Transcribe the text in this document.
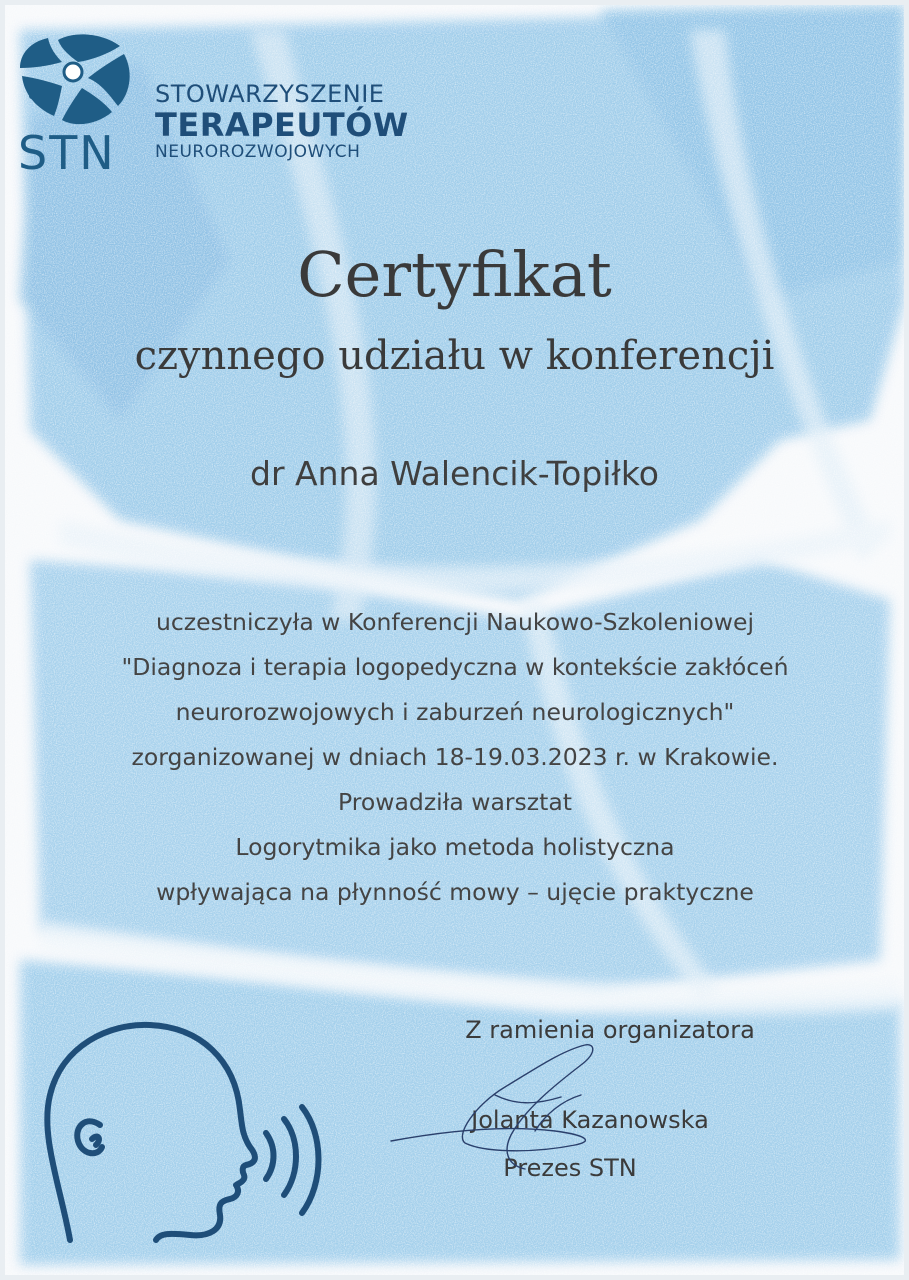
STN
STOWARZYSZENIE
TERAPEUTÓW
NEUROROZWOJOWYCH
Certyfikat
czynnego udziału w konferencji
dr Anna Walencik-Topiłko
uczestniczyła w Konferencji Naukowo-Szkoleniowej
"Diagnoza i terapia logopedyczna w kontekście zakłóceń
neurorozwojowych i zaburzeń neurologicznych"
zorganizowanej w dniach 18-19.03.2023 r. w Krakowie.
Prowadziła warsztat
Logorytmika jako metoda holistyczna
wpływająca na płynność mowy – ujęcie praktyczne
Z ramienia organizatora
Jolanta Kazanowska
Prezes STN
